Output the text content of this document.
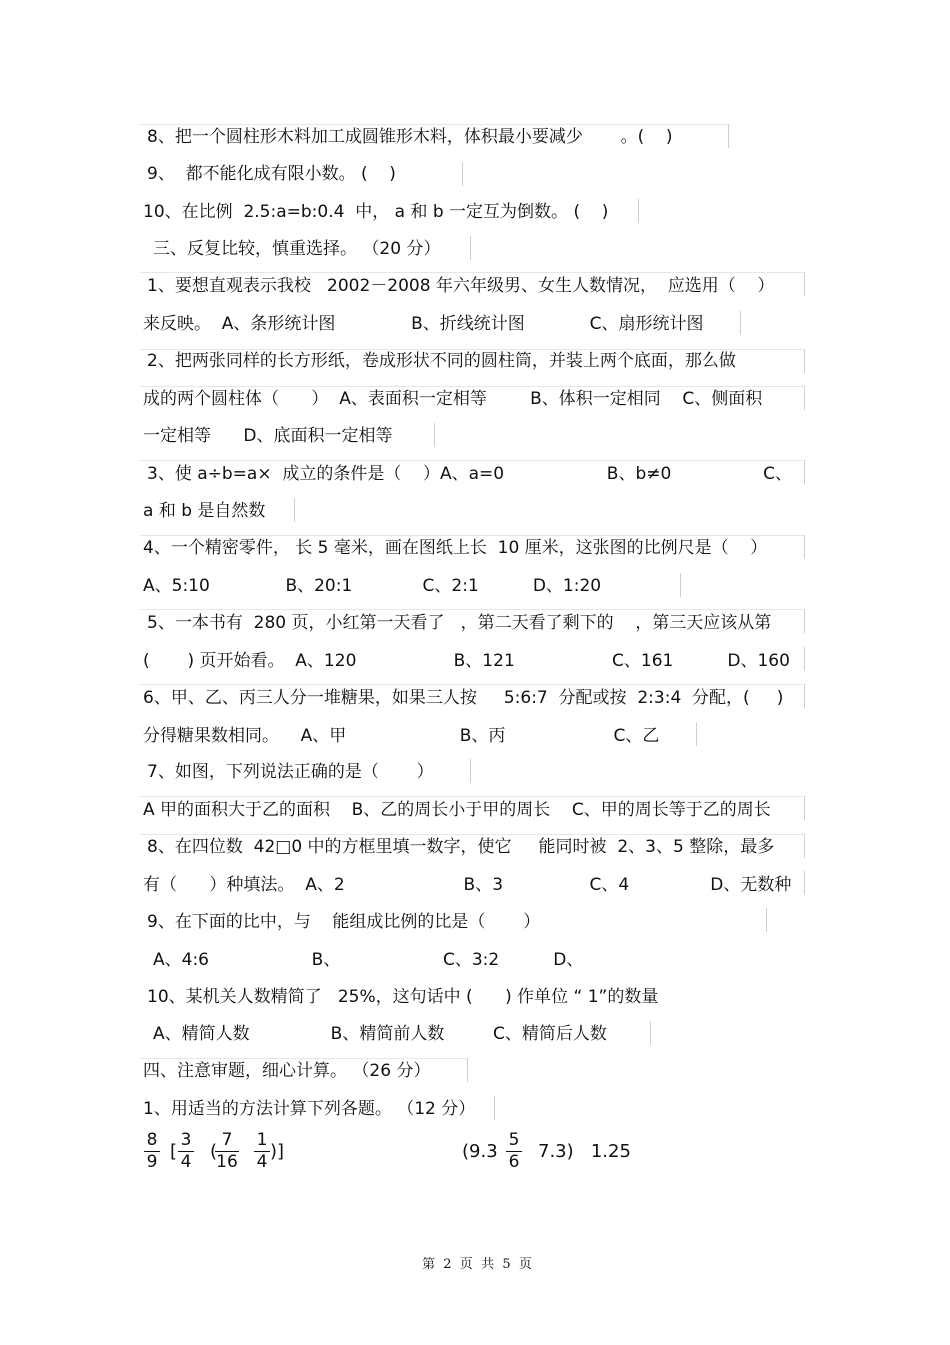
8、把一个圆柱形木料加工成圆锥形木料，体积最小要减少       。(    )
9、  都不能化成有限小数。 (    )
10、在比例  2.5:a=b:0.4  中， a 和 b 一定互为倒数。 (    )
三、反复比较，慎重选择。 （20 分）
1、要想直观表示我校   2002－2008 年六年级男、女生人数情况，  应选用（    ）
来反映。  A、条形统计图              B、折线统计图            C、扇形统计图
2、把两张同样的长方形纸，卷成形状不同的圆柱筒，并装上两个底面，那么做
成的两个圆柱体（      ）  A、表面积一定相等        B、体积一定相同    C、侧面积
一定相等      D、底面积一定相等
3、使 a÷b=a×  成立的条件是（    ）A、a=0                   B、b≠0                 C、
a 和 b 是自然数
4、一个精密零件， 长 5 毫米，画在图纸上长  10 厘米，这张图的比例尺是（    ）
A、5:10              B、20:1             C、2:1          D、1:20
5、一本书有  280 页，小红第一天看了   ，第二天看了剩下的    ，第三天应该从第
(       ) 页开始看。  A、120                  B、121                  C、161          D、160
6、甲、乙、丙三人分一堆糖果，如果三人按     5:6:7  分配或按  2:3:4  分配，(     )
分得糖果数相同。    A、甲                     B、丙                    C、乙
7、如图，下列说法正确的是（       ）
A 甲的面积大于乙的面积    B、乙的周长小于甲的周长    C、甲的周长等于乙的周长
8、在四位数  42□0 中的方框里填一数字，使它     能同时被  2、3、5 整除，最多
有（      ）种填法。  A、2                      B、3                C、4               D、无数种
9、在下面的比中，与    能组成比例的比是（       ）
A、4:6                   B、                   C、3:2          D、
10、某机关人数精简了   25%，这句话中 (      ) 作单位 “ 1”的数量
A、精简人数               B、精简前人数         C、精简后人数
四、注意审题，细心计算。 （26 分）
1、用适当的方法计算下列各题。 （12 分）
$\frac{8}{9}$ [ $\frac{3}{4}$ (
$\frac{7}{16} \frac{1}{4}$ )]	$(9.3 \frac{5}{6} 7.3)$   1.25
第  2  页  共  5  页
